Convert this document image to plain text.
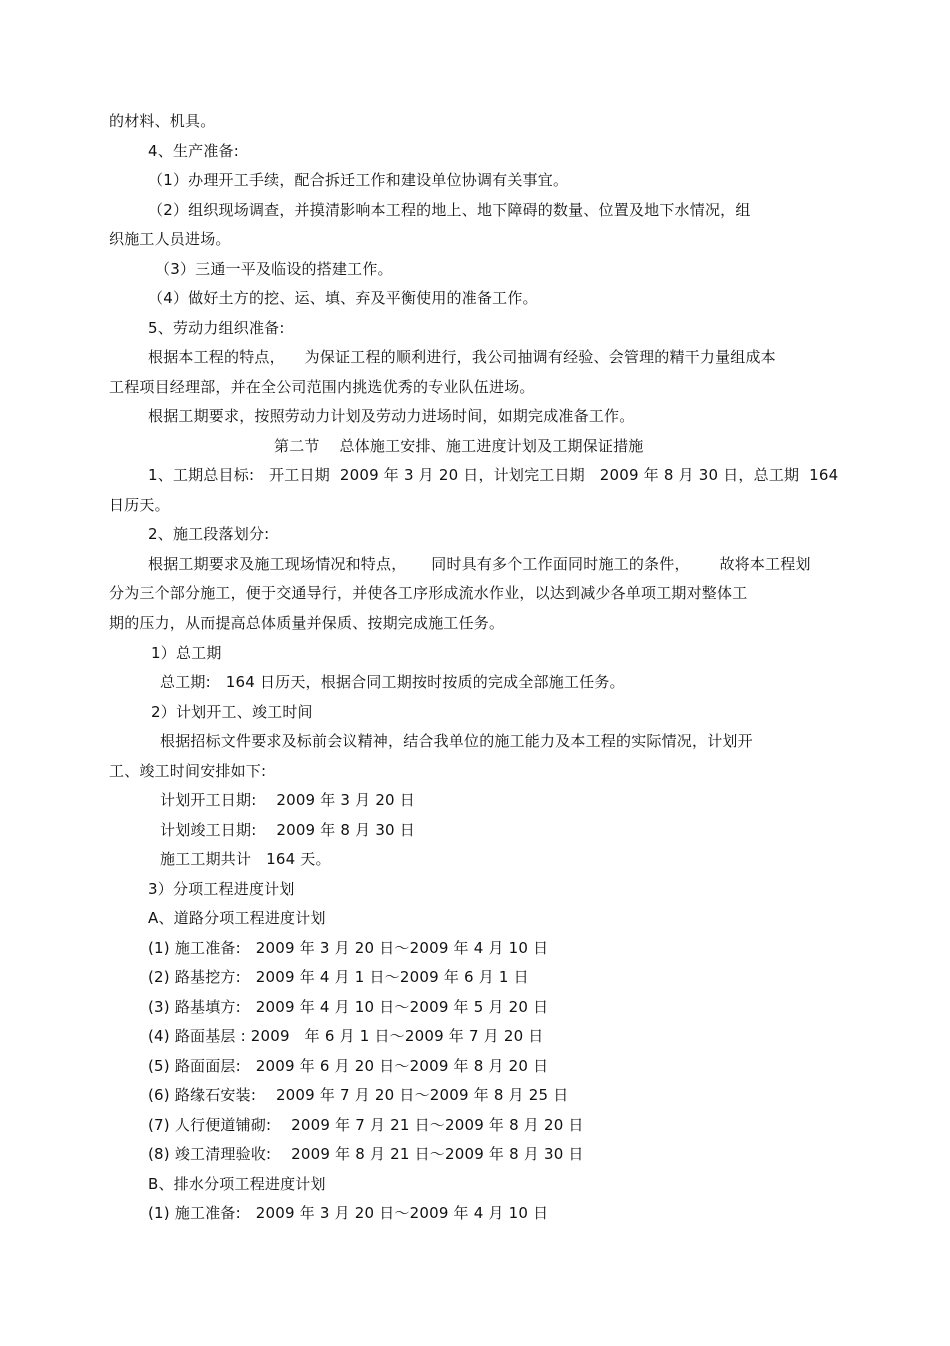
的材料、机具。
4、生产准备:
（1）办理开工手续，配合拆迁工作和建设单位协调有关事宜。
（2）组织现场调查，并摸清影响本工程的地上、地下障碍的数量、位置及地下水情况，组
织施工人员进场。
（3）三通一平及临设的搭建工作。
（4）做好土方的挖、运、填、弃及平衡使用的准备工作。
5、劳动力组织准备:
根据本工程的特点，    为保证工程的顺利进行，我公司抽调有经验、会管理的精干力量组成本
工程项目经理部，并在全公司范围内挑选优秀的专业队伍进场。
根据工期要求，按照劳动力计划及劳动力进场时间，如期完成准备工作。
第二节    总体施工安排、施工进度计划及工期保证措施
1、工期总目标:   开工日期  2009 年 3 月 20 日，计划完工日期   2009 年 8 月 30 日，总工期  164
日历天。
2、施工段落划分:
根据工期要求及施工现场情况和特点，     同时具有多个工作面同时施工的条件，      故将本工程划
分为三个部分施工，便于交通导行，并使各工序形成流水作业，以达到减少各单项工期对整体工
期的压力，从而提高总体质量并保质、按期完成施工任务。
1）总工期
总工期:   164 日历天，根据合同工期按时按质的完成全部施工任务。
2）计划开工、竣工时间
根据招标文件要求及标前会议精神，结合我单位的施工能力及本工程的实际情况，计划开
工、竣工时间安排如下:
计划开工日期:    2009 年 3 月 20 日
计划竣工日期:    2009 年 8 月 30 日
施工工期共计   164 天。
3）分项工程进度计划
A、道路分项工程进度计划
(1) 施工准备:   2009 年 3 月 20 日～2009 年 4 月 10 日
(2) 路基挖方:   2009 年 4 月 1 日～2009 年 6 月 1 日
(3) 路基填方:   2009 年 4 月 10 日～2009 年 5 月 20 日
(4) 路面基层 : 2009   年 6 月 1 日～2009 年 7 月 20 日
(5) 路面面层:   2009 年 6 月 20 日～2009 年 8 月 20 日
(6) 路缘石安装:    2009 年 7 月 20 日～2009 年 8 月 25 日
(7) 人行便道铺砌:    2009 年 7 月 21 日～2009 年 8 月 20 日
(8) 竣工清理验收:    2009 年 8 月 21 日～2009 年 8 月 30 日
B、排水分项工程进度计划
(1) 施工准备:   2009 年 3 月 20 日～2009 年 4 月 10 日
